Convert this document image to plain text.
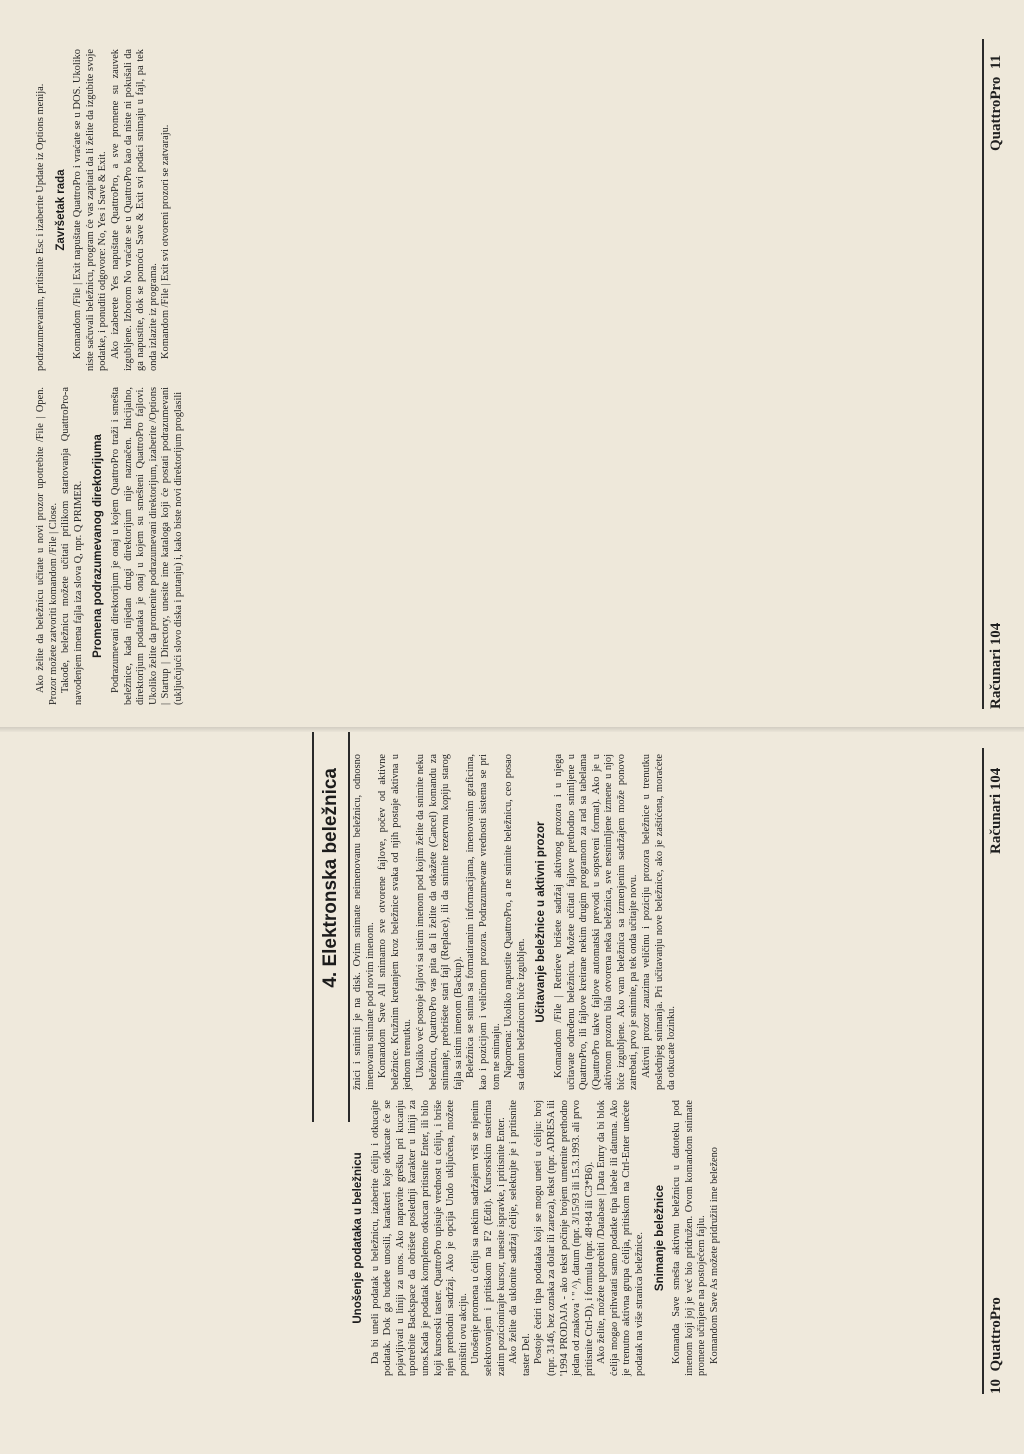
4. Elektronska beležnica
Unošenje podataka u beležnicu Da bi uneli podatak u beležnicu, izaberite ćeliju i otkucajte podatak. Dok ga budete unosili, karakteri koje otkucate će se pojavljivati u liniji za unos. Ako napravite grešku pri kucanju upotrebite Backspace da obrišete poslednji karakter u liniji za unos.Kada je podatak kompletno otkucan pritisnite Enter, ili bilo koji kursorski taster. QuattroPro upisuje vrednost u ćeliju, i briše njen prethodni sadržaj. Ako je opcija Undo uključena, možete poništiti ovu akciju. Unošenje promena u ćeliju sa nekim sadržajem vrši se njenim selektovanjem i pritiskom na F2 (Edit). Kursorskim tasterima zatim pozicionirajte kursor, unesite ispravke, i pritisnite Enter. Ako želite da uklonite sadržaj ćelije, selektujte je i pritisnite taster Del. Postoje četiri tipa podataka koji se mogu uneti u ćeliju: broj (npr. 3146, bez oznaka za dolar ili zareza), tekst (npr. ADRESA ili '1994 PRODAJA - ako tekst počinje brojem umetnite prethodno jedan od znakova ' " ^), datum (npr. 3/15/93 ili 15.3.1993. ali prvo pritisnite Ctrl-D), i formula (npr. 48+84 ili C3*B6). Ako želite, možete upotrebiti /Database | Data Entry da bi blok ćelija mogao prihvatati samo podatke tipa labele ili datuma. Ako je trenutno aktivna grupa ćelija, pritiskom na Ctrl-Enter unećete podatak na više stranica beležnice. Snimanje beležnice Komanda Save smešta aktivnu beležnicu u datoteku pod imenom koji joj je već bio pridružen. Ovom komandom snimate promene učinjene na postojećem fajlu. Komandom Save As možete pridružiti ime beleženo

žnici i snimiti je na disk. Ovim snimate neimenovanu beležnicu, odnosno imenovanu snimate pod novim imenom. Komandom Save All snimamo sve otvorene fajlove, počev od aktivne beležnice. Kružnim kretanjem kroz beležnice svaka od njih postaje aktivna u jednom trenutku. Ukoliko već postoje fajlovi sa istim imenom pod kojim želite da snimite neku beležnicu, QuattroPro vas pita da li želite da otkažete (Cancel) komandu za snimanje, prebrišete stari fajl (Replace), ili da snimite rezervnu kopiju starog fajla sa istim imenom (Backup). Beležnica se snima sa formatiranim informacijama, imenovanim graficima, kao i pozicijom i veličinom prozora. Podrazumevane vrednosti sistema se pri tom ne snimaju. Napomena: Ukoliko napustite QuattroPro, a ne snimite beležnicu, ceo posao sa datom beležnicom biće izgubljen. Učitavanje beležnice u aktivni prozor Komandom /File | Retrieve brišete sadržaj aktivnog prozora i u njega učitavate određenu beležnicu. Možete učitati fajlove prethodno snimljene u QuattroPro, ili fajlove kreirane nekim drugim programom za rad sa tabelama (QuattroPro takve fajlove automatski prevodi u sopstveni format). Ako je u aktivnom prozoru bila otvorena neka beležnica, sve nesnimljene izmene u njoj biće izgubljene. Ako vam beležnica sa izmenjenim sadržajem može ponovo zatrebati, prvo je snimite, pa tek onda učitajte novu. Aktivni prozor zauzima veličinu i poziciju prozora beležnice u trenutku poslednjeg snimanja. Pri učitavanju nove beležnice, ako je zaštićena, moraćete da otkucate lozinku.

10  QuattroPro
Računari 104

Ako želite da beležnicu učitate u novi prozor upotrebite /File | Open. Prozor možete zatvoriti komandom /File | Close. Takođe, beležnicu možete učitati prilikom startovanja QuattroPro-a navođenjem imena fajla iza slova Q, npr. Q PRIMER. Promena podrazumevanog direktorijuma Podrazumevani direktorijum je onaj u kojem QuattroPro traži i smešta beležnice, kada nijedan drugi direktorijum nije naznačen. Inicijalno, direktorijum podataka je onaj u kojem su smešteni QuattroPro fajlovi. Ukoliko želite da promenite podrazumevani direktorijum, izaberite /Options | Startup | Directory, unesite ime kataloga koji će postati podrazumevani (uključujući slovo diska i putanju) i, kako biste novi direktorijum proglasili

podrazumevanim, pritisnite Esc i izaberite Update iz Options menija. Završetak rada Komandom /File | Exit napuštate QuattroPro i vraćate se u DOS. Ukoliko niste sačuvali beležnicu, program će vas zapitati da li želite da izgubite svoje podatke, i ponuditi odgovore: No, Yes i Save & Exit. Ako izaberete Yes napuštate QuattroPro, a sve promene su zauvek izgubljene. Izborom No vraćate se u QuattroPro kao da niste ni pokušali da ga napustite, dok se pomoću Save & Exit svi podaci snimaju u fajl, pa tek onda izlazite iz programa. Komandom /File | Exit svi otvoreni prozori se zatvaraju.

Računari 104
QuattroPro  11
